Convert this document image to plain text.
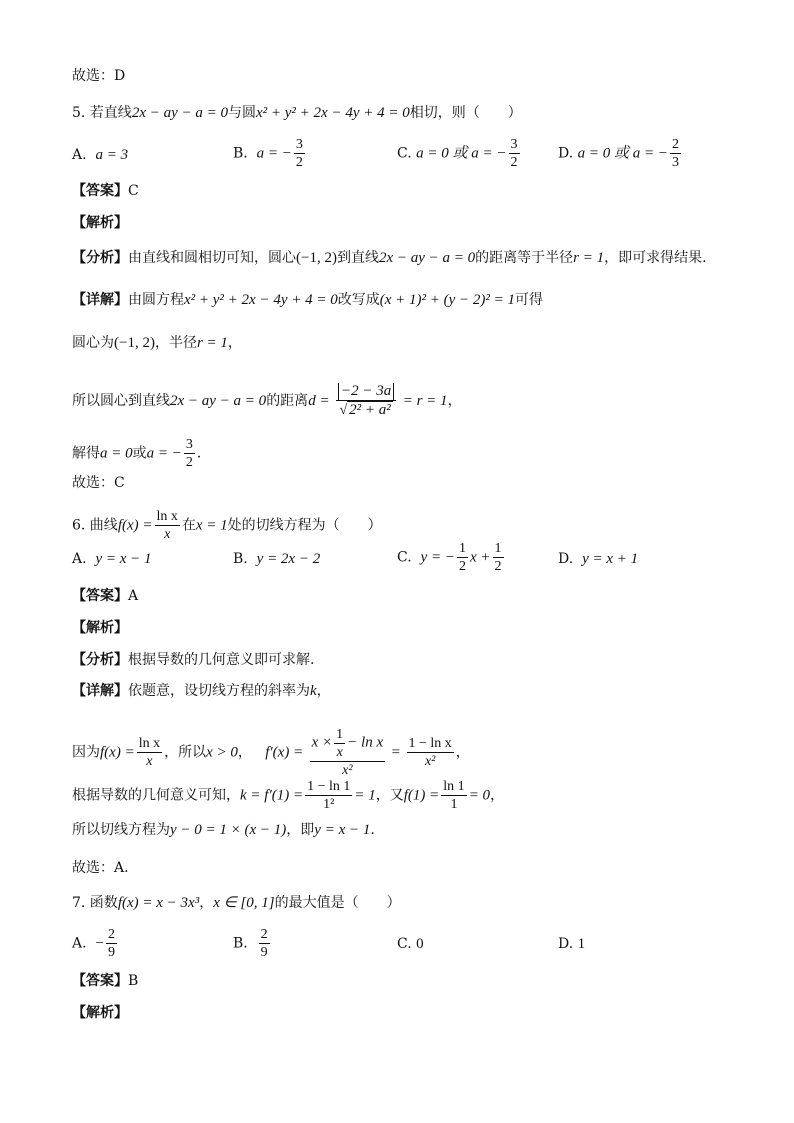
故选：D
5. 若直线2x − ay − a = 0与圆x² + y² + 2x − 4y + 4 = 0相切，则（　　）
A. a = 3	B. a = − $\frac{3}{2}$	C. a = 0 或 a = − $\frac{3}{2}$	D. a = 0 或 a = − $\frac{2}{3}$
【答案】C
【解析】
【分析】由直线和圆相切可知，圆心(−1, 2)到直线2x − ay − a = 0的距离等于半径r = 1，即可求得结果.
【详解】由圆方程x² + y² + 2x − 4y + 4 = 0改写成(x + 1)² + (y − 2)² = 1可得
圆心为(−1, 2)，半径r = 1，
所以圆心到直线2x − ay − a = 0的距离$d = \frac{-2 - 3a}{\text{√ 2² + a²}} = r = 1$，
解得a = 0或a = − $\frac{3}{2}$ .
故选：C
6. 曲线$f(x) = \frac{\text{ln x}}{x}$ 在x = 1处的切线方程为（　　）
A. y = x − 1	B. y = 2x − 2	C. y = − $\frac{1}{2}$ $x + \frac{1}{2}$	D. y = x + 1
【答案】A
【解析】
【分析】根据导数的几何意义即可求解.
【详解】依题意，设切线方程的斜率为k，
因为$f(x) = \frac{\text{ln x}}{x}$ ，所以x > 0， $f'(x) = \frac{x \times \frac{1}{x} - \ln x}{\text{x²}} = \frac{\text{1 − ln x}}{\text{x²}}$ ，
根据导数的几何意义可知，$k = f'(1) = \frac{1 - \ln 1}{\text{1²}} = 1$，又$f(1) = \frac{\ln 1}{1} = 0$，
所以切线方程为y − 0 = 1 × (x − 1)，即y = x − 1.
故选：A.
7. 函数f(x) = x − 3x³，x ∈ [0, 1]的最大值是（　　）
A. − $\frac{2}{9}$	B. $\frac{2}{9}$	C. 0	D. 1
【答案】B
【解析】
